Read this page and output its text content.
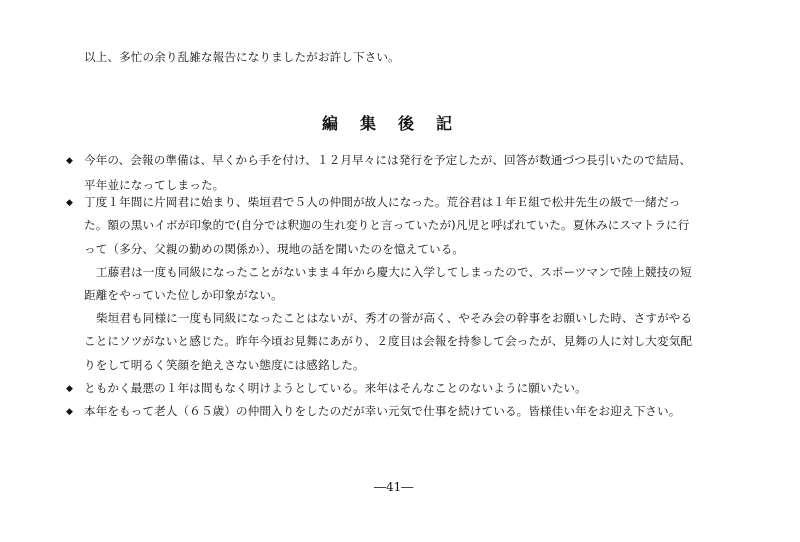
以上、多忙の余り乱雑な報告になりましたがお許し下さい。
編集後記
◆ 今年の、会報の準備は、早くから手を付け、１２月早々には発行を予定したが、回答が数通づつ長引いたので結局、
平年並になってしまった。
◆ 丁度１年間に片岡君に始まり、柴垣君で５人の仲間が故人になった。荒谷君は１年Ｅ組で松井先生の級で一緒だっ
た。額の黒いイボが印象的で(自分では釈迦の生れ変りと言っていたが)凡児と呼ばれていた。夏休みにスマトラに行
って（多分、父親の勤めの関係か）、現地の話を聞いたのを憶えている。
工藤君は一度も同級になったことがないまま４年から慶大に入学してしまったので、スポーツマンで陸上競技の短
距離をやっていた位しか印象がない。
柴垣君も同様に一度も同級になったことはないが、秀才の誉が高く、やそみ会の幹事をお願いした時、さすがやる
ことにソツがないと感じた。昨年今頃お見舞にあがり、２度目は会報を持参して会ったが、見舞の人に対し大変気配
りをして明るく笑顔を絶えさない態度には感銘した。
◆ ともかく最悪の１年は間もなく明けようとしている。来年はそんなことのないように願いたい。
◆ 本年をもって老人（６５歳）の仲間入りをしたのだが幸い元気で仕事を続けている。皆様佳い年をお迎え下さい。
―41―
